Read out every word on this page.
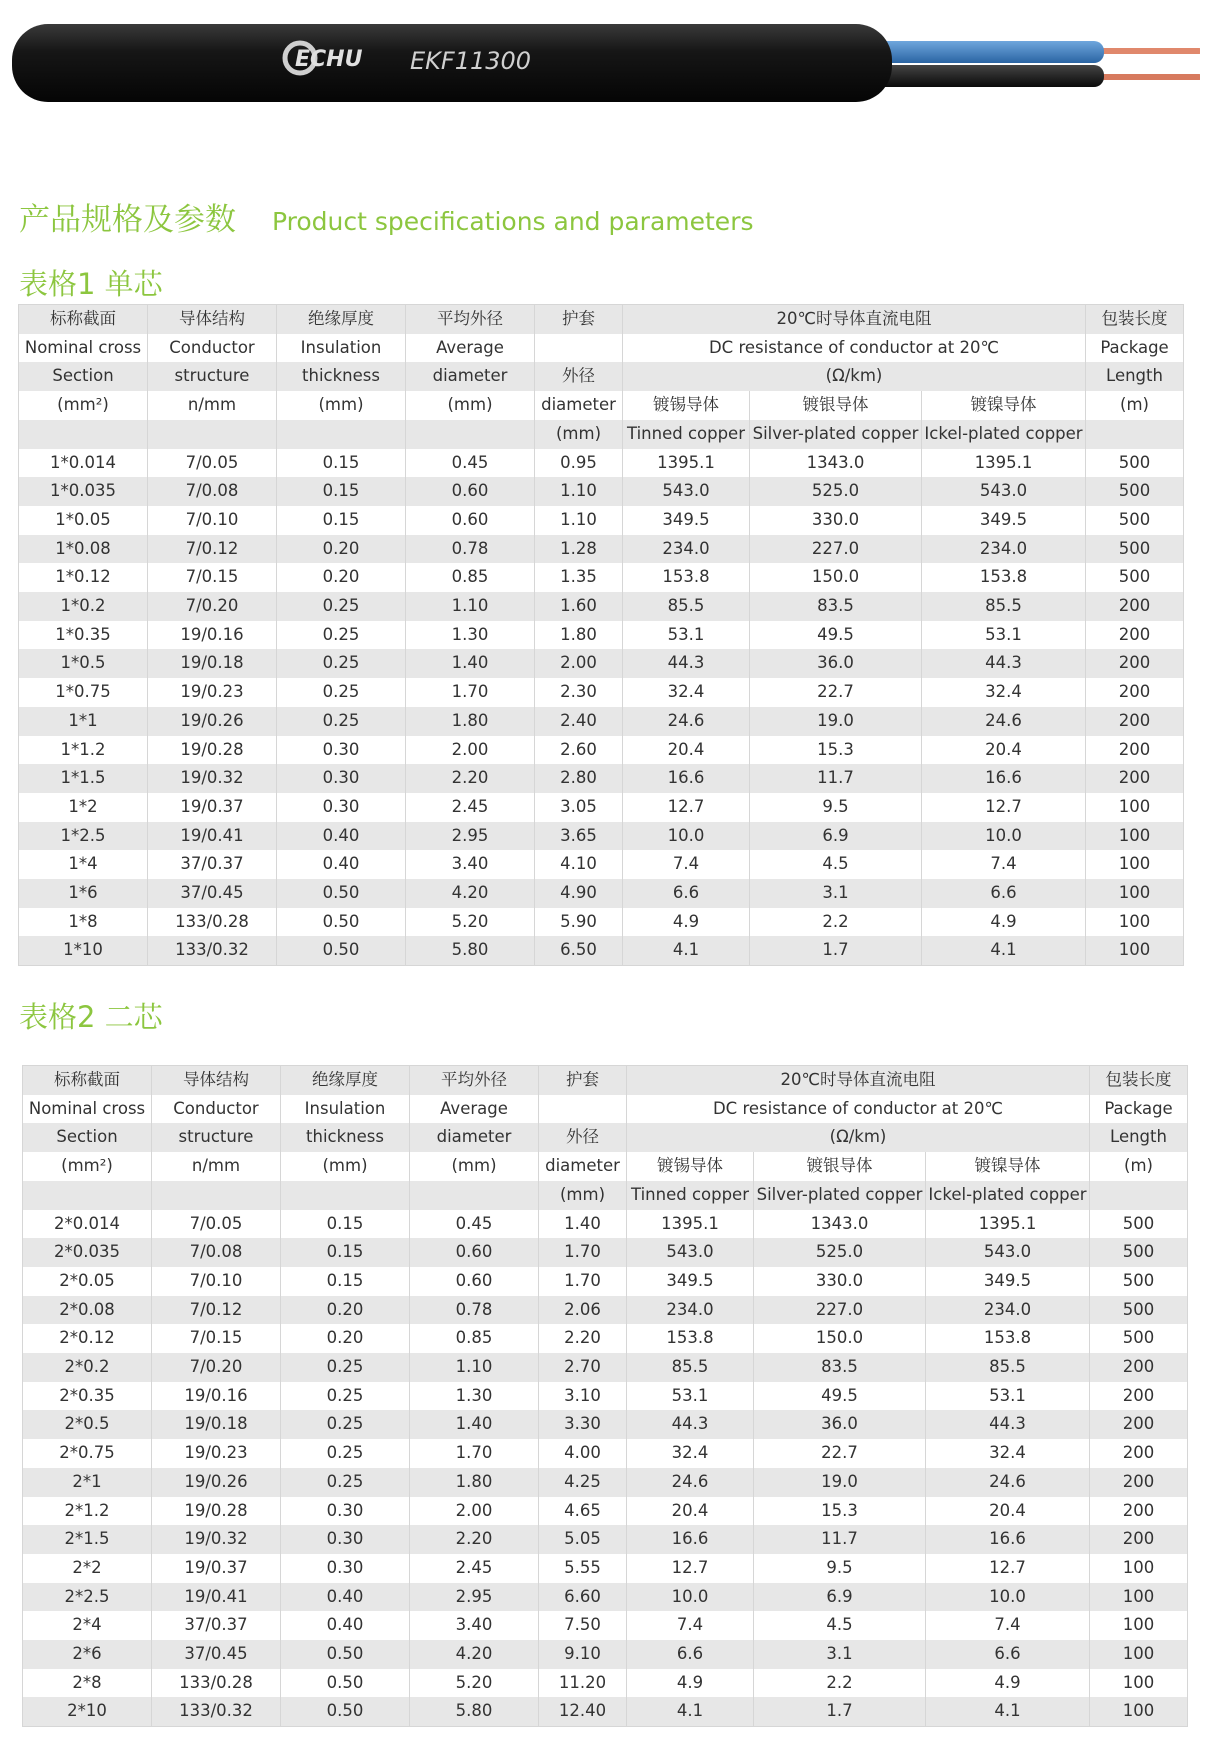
ECHU EKF11300
产品规格及参数 Product specifications and parameters
表格1 单芯
标称截面	导体结构	绝缘厚度	平均外径	护套	20℃时导体直流电阻			包装长度
Nominal cross	Conductor	Insulation	Average		DC resistance of conductor at 20℃			Package
Section	structure	thickness	diameter	外径	(Ω/km)			Length
(mm²)	n/mm	(mm)	(mm)	diameter	镀锡导体	镀银导体	镀镍导体	(m)
				(mm)	Tinned copper	Silver-plated copper	Ickel-plated copper	
1*0.014	7/0.05	0.15	0.45	0.95	1395.1	1343.0	1395.1	500
1*0.035	7/0.08	0.15	0.60	1.10	543.0	525.0	543.0	500
1*0.05	7/0.10	0.15	0.60	1.10	349.5	330.0	349.5	500
1*0.08	7/0.12	0.20	0.78	1.28	234.0	227.0	234.0	500
1*0.12	7/0.15	0.20	0.85	1.35	153.8	150.0	153.8	500
1*0.2	7/0.20	0.25	1.10	1.60	85.5	83.5	85.5	200
1*0.35	19/0.16	0.25	1.30	1.80	53.1	49.5	53.1	200
1*0.5	19/0.18	0.25	1.40	2.00	44.3	36.0	44.3	200
1*0.75	19/0.23	0.25	1.70	2.30	32.4	22.7	32.4	200
1*1	19/0.26	0.25	1.80	2.40	24.6	19.0	24.6	200
1*1.2	19/0.28	0.30	2.00	2.60	20.4	15.3	20.4	200
1*1.5	19/0.32	0.30	2.20	2.80	16.6	11.7	16.6	200
1*2	19/0.37	0.30	2.45	3.05	12.7	9.5	12.7	100
1*2.5	19/0.41	0.40	2.95	3.65	10.0	6.9	10.0	100
1*4	37/0.37	0.40	3.40	4.10	7.4	4.5	7.4	100
1*6	37/0.45	0.50	4.20	4.90	6.6	3.1	6.6	100
1*8	133/0.28	0.50	5.20	5.90	4.9	2.2	4.9	100
1*10	133/0.32	0.50	5.80	6.50	4.1	1.7	4.1	100
表格2 二芯
标称截面	导体结构	绝缘厚度	平均外径	护套	20℃时导体直流电阻			包装长度
Nominal cross	Conductor	Insulation	Average		DC resistance of conductor at 20℃			Package
Section	structure	thickness	diameter	外径	(Ω/km)			Length
(mm²)	n/mm	(mm)	(mm)	diameter	镀锡导体	镀银导体	镀镍导体	(m)
				(mm)	Tinned copper	Silver-plated copper	Ickel-plated copper	
2*0.014	7/0.05	0.15	0.45	1.40	1395.1	1343.0	1395.1	500
2*0.035	7/0.08	0.15	0.60	1.70	543.0	525.0	543.0	500
2*0.05	7/0.10	0.15	0.60	1.70	349.5	330.0	349.5	500
2*0.08	7/0.12	0.20	0.78	2.06	234.0	227.0	234.0	500
2*0.12	7/0.15	0.20	0.85	2.20	153.8	150.0	153.8	500
2*0.2	7/0.20	0.25	1.10	2.70	85.5	83.5	85.5	200
2*0.35	19/0.16	0.25	1.30	3.10	53.1	49.5	53.1	200
2*0.5	19/0.18	0.25	1.40	3.30	44.3	36.0	44.3	200
2*0.75	19/0.23	0.25	1.70	4.00	32.4	22.7	32.4	200
2*1	19/0.26	0.25	1.80	4.25	24.6	19.0	24.6	200
2*1.2	19/0.28	0.30	2.00	4.65	20.4	15.3	20.4	200
2*1.5	19/0.32	0.30	2.20	5.05	16.6	11.7	16.6	200
2*2	19/0.37	0.30	2.45	5.55	12.7	9.5	12.7	100
2*2.5	19/0.41	0.40	2.95	6.60	10.0	6.9	10.0	100
2*4	37/0.37	0.40	3.40	7.50	7.4	4.5	7.4	100
2*6	37/0.45	0.50	4.20	9.10	6.6	3.1	6.6	100
2*8	133/0.28	0.50	5.20	11.20	4.9	2.2	4.9	100
2*10	133/0.32	0.50	5.80	12.40	4.1	1.7	4.1	100
